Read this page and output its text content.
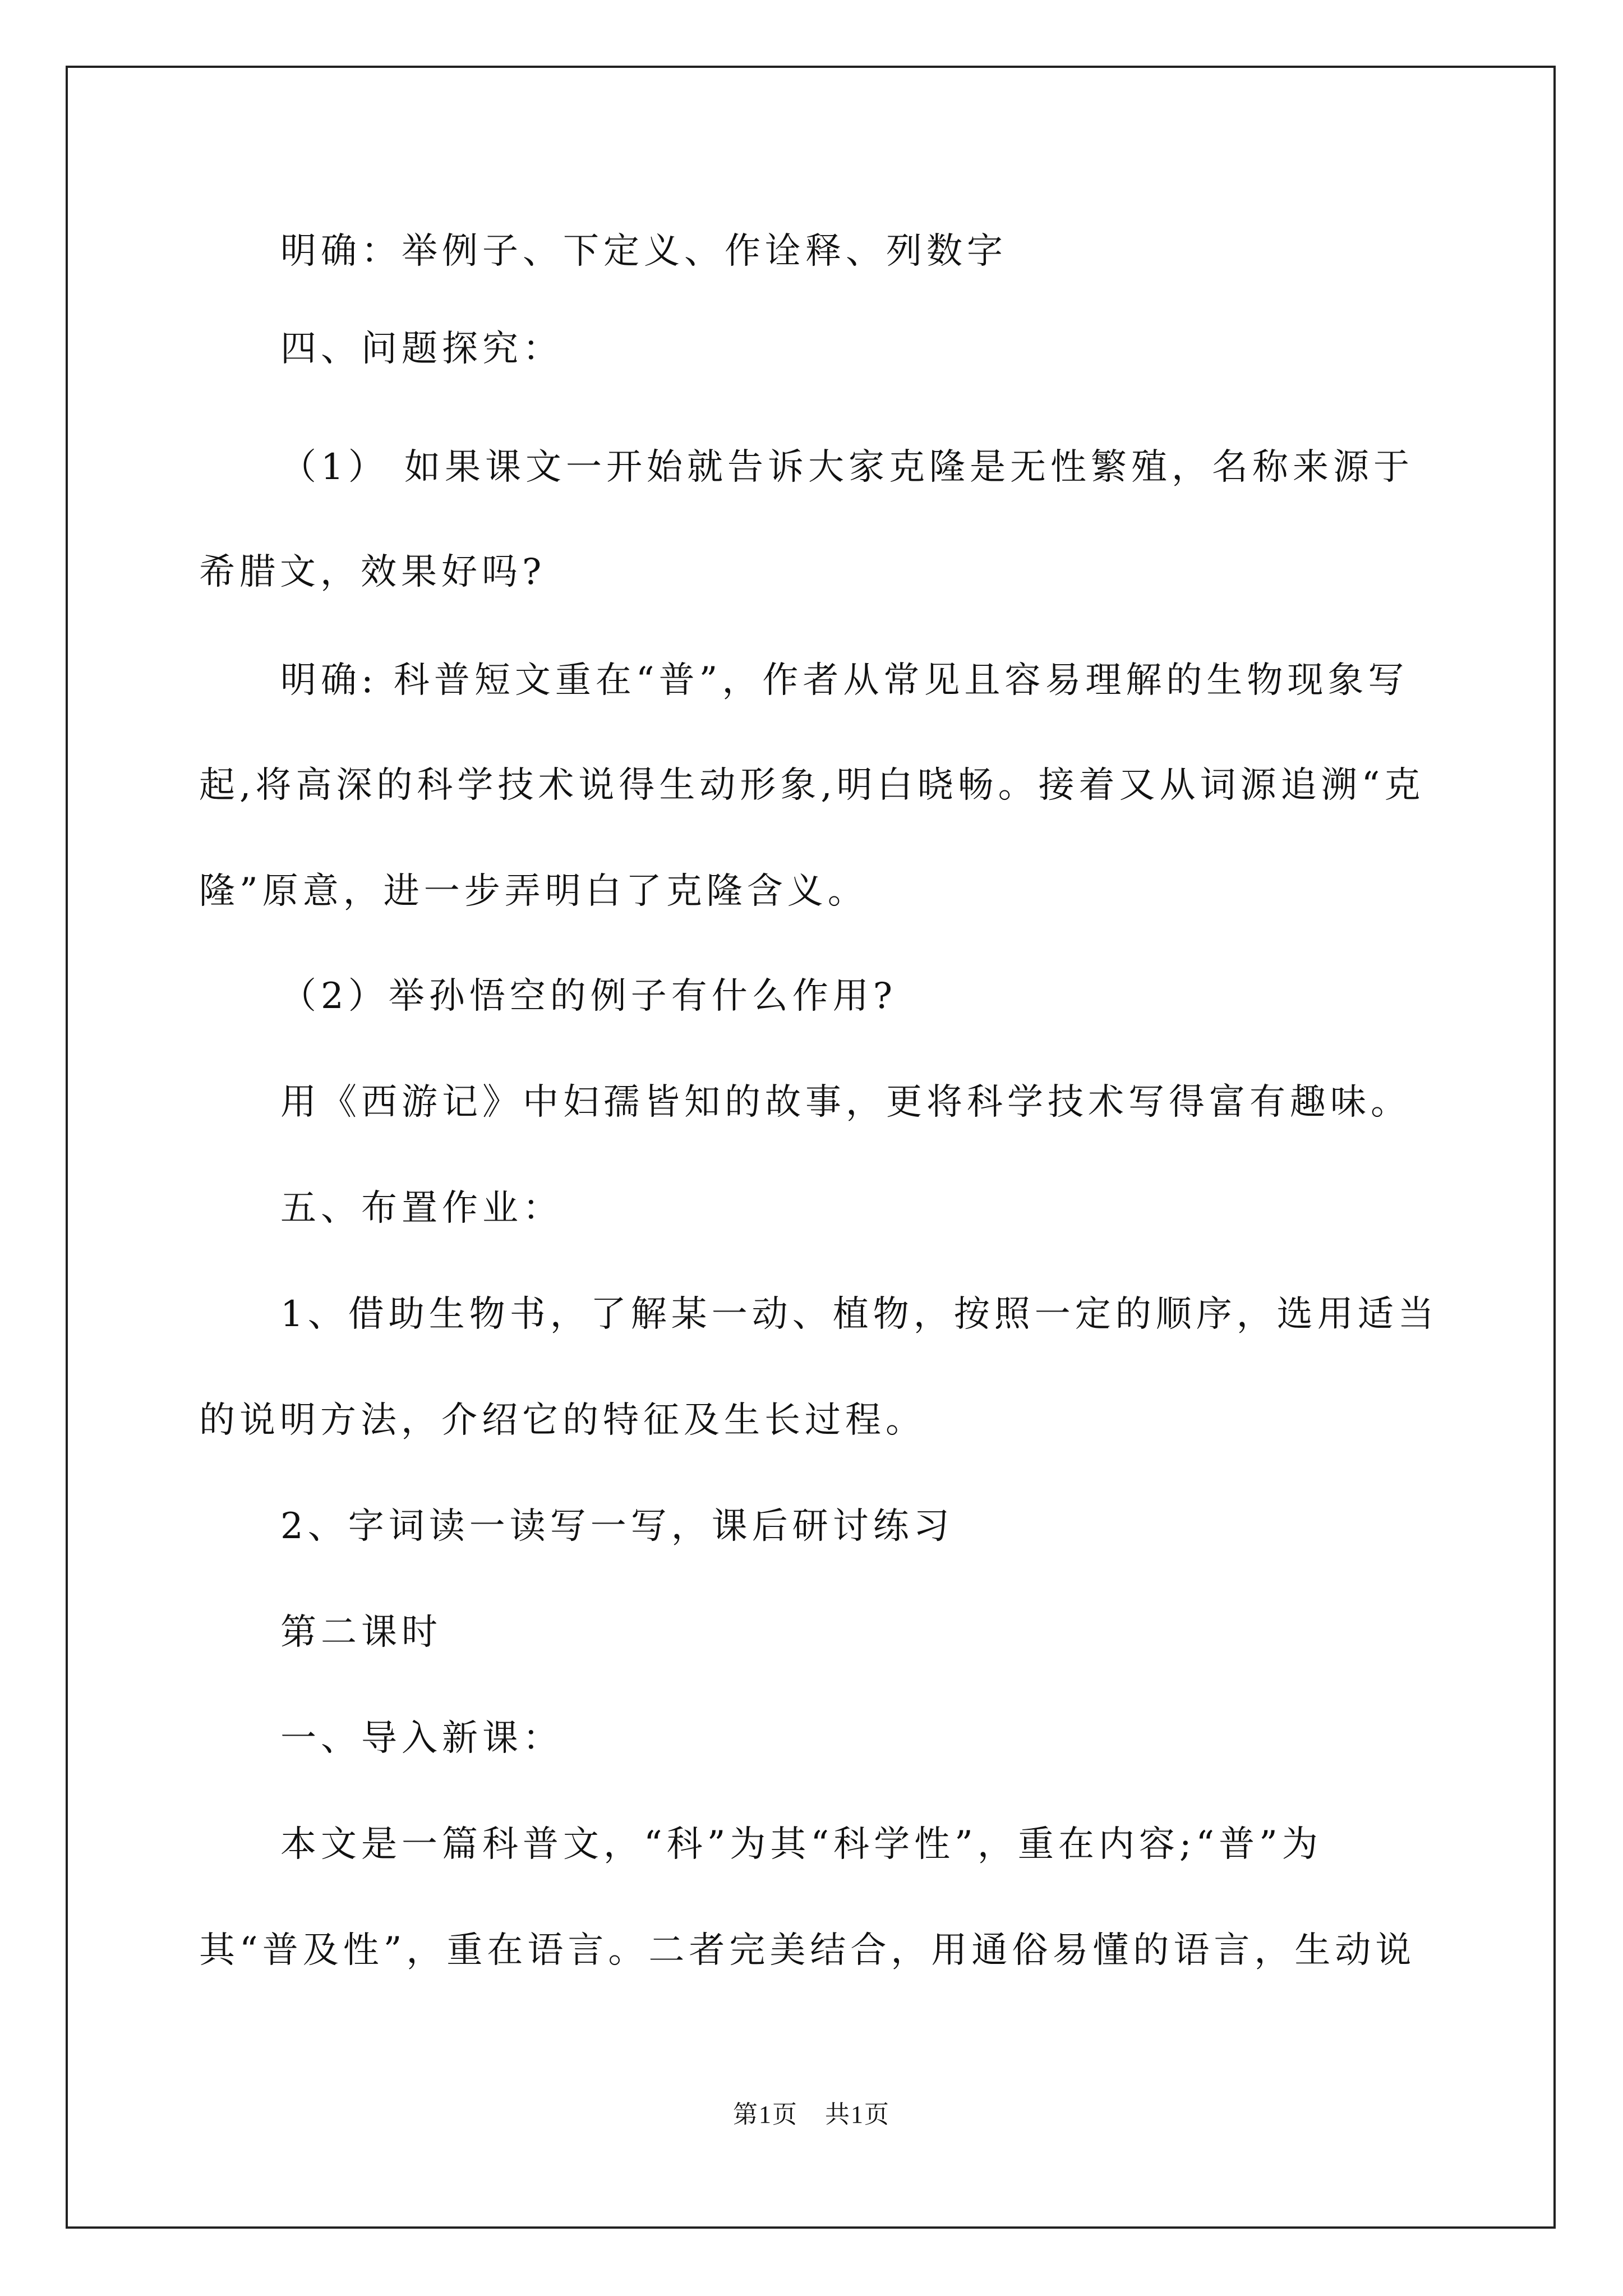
明确：举例子、下定义、作诠释、列数字
四、问题探究：
（1） 如果课文一开始就告诉大家克隆是无性繁殖，名称来源于
希腊文，效果好吗?
明确: 科普短文重在“普”，作者从常见且容易理解的生物现象写
起,将高深的科学技术说得生动形象,明白晓畅。接着又从词源追溯“克
隆”原意，进一步弄明白了克隆含义。
（2）举孙悟空的例子有什么作用?
用《西游记》中妇孺皆知的故事，更将科学技术写得富有趣味。
五、布置作业：
1、借助生物书，了解某一动、植物，按照一定的顺序，选用适当
的说明方法，介绍它的特征及生长过程。
2、字词读一读写一写，课后研讨练习
第二课时
一、导入新课：
本文是一篇科普文，“科”为其“科学性”，重在内容;“普”为
其“普及性”，重在语言。二者完美结合，用通俗易懂的语言，生动说
第1页 共1页
